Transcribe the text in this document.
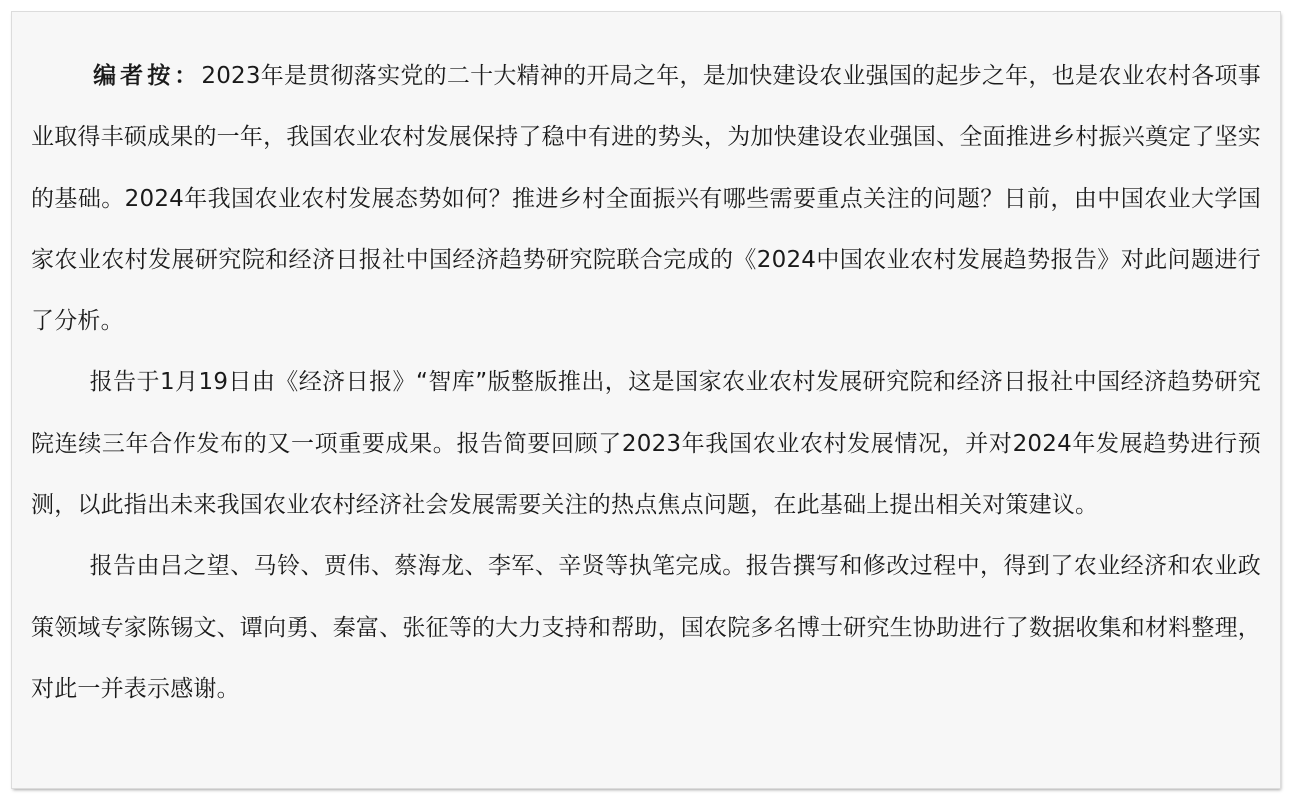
编者按：2023年是贯彻落实党的二十大精神的开局之年，是加快建设农业强国的起步之年，也是农业农村各项事业取得丰硕成果的一年，我国农业农村发展保持了稳中有进的势头，为加快建设农业强国、全面推进乡村振兴奠定了坚实的基础。2024年我国农业农村发展态势如何？推进乡村全面振兴有哪些需要重点关注的问题？日前，由中国农业大学国家农业农村发展研究院和经济日报社中国经济趋势研究院联合完成的《2024中国农业农村发展趋势报告》对此问题进行了分析。

报告于1月19日由《经济日报》“智库”版整版推出，这是国家农业农村发展研究院和经济日报社中国经济趋势研究院连续三年合作发布的又一项重要成果。报告简要回顾了2023年我国农业农村发展情况，并对2024年发展趋势进行预测，以此指出未来我国农业农村经济社会发展需要关注的热点焦点问题，在此基础上提出相关对策建议。

报告由吕之望、马铃、贾伟、蔡海龙、李军、辛贤等执笔完成。报告撰写和修改过程中，得到了农业经济和农业政策领域专家陈锡文、谭向勇、秦富、张征等的大力支持和帮助，国农院多名博士研究生协助进行了数据收集和材料整理，对此一并表示感谢。
